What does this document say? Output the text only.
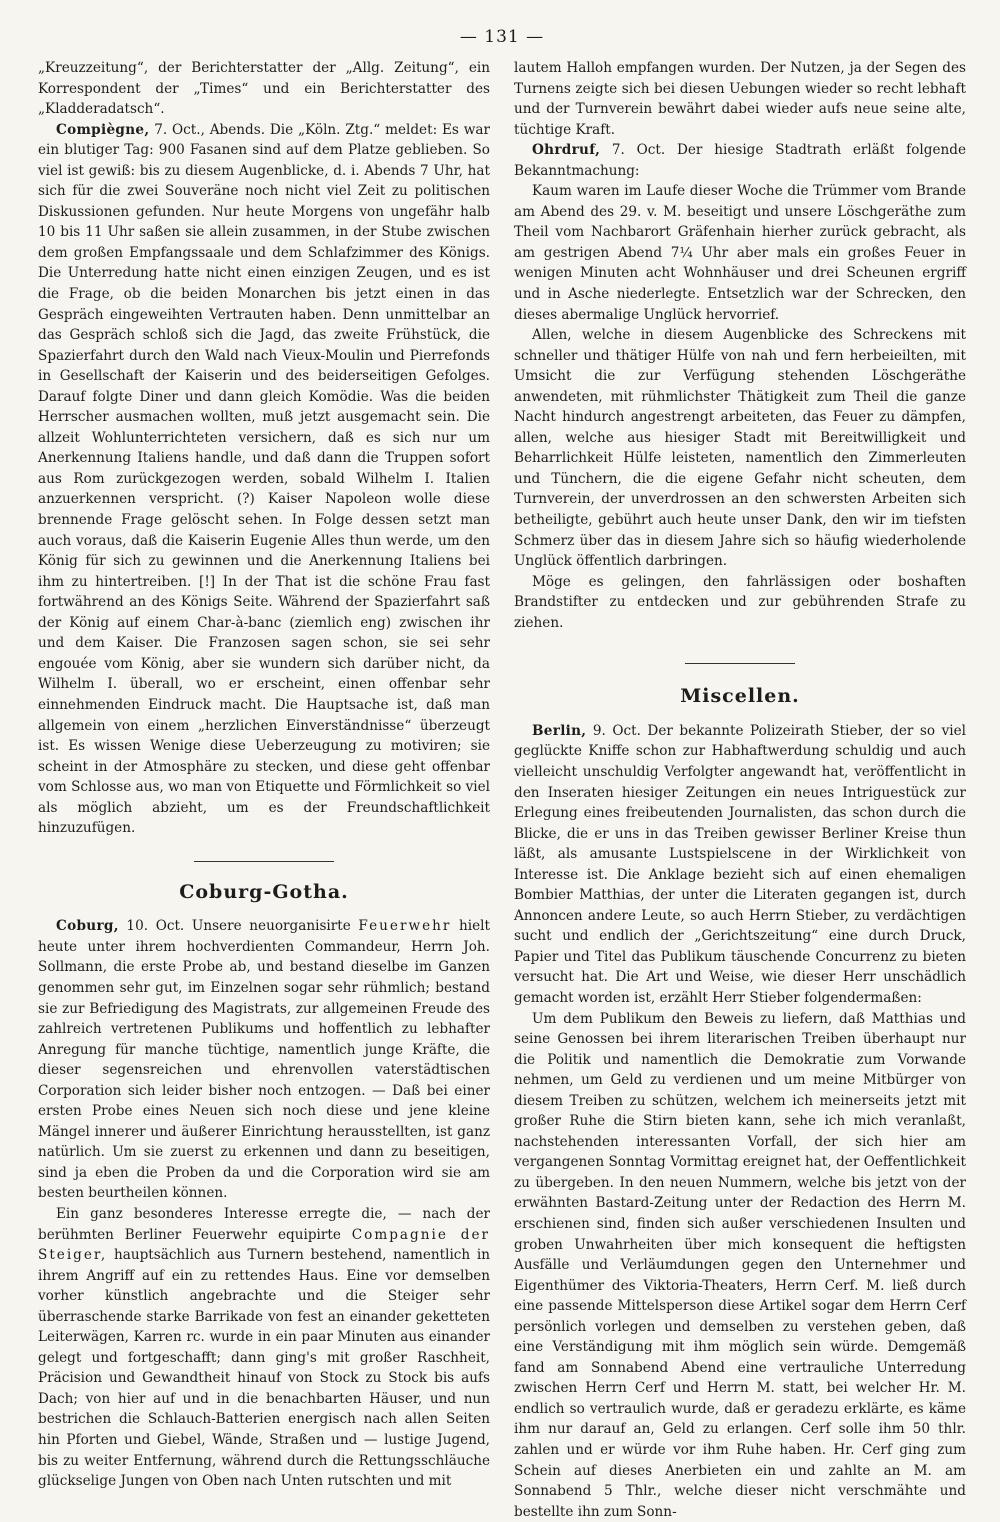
— 131 —

„Kreuzzeitung“, der Berichterstatter der „Allg. Zeitung“, ein Korrespondent der „Times“ und ein Berichterstatter des „Kladderadatsch“.

Compiègne, 7. Oct., Abends. Die „Köln. Ztg.“ meldet: Es war ein blutiger Tag: 900 Fasanen sind auf dem Platze geblieben. So viel ist gewiß: bis zu diesem Augenblicke, d. i. Abends 7 Uhr, hat sich für die zwei Souveräne noch nicht viel Zeit zu politischen Diskussionen gefunden. Nur heute Morgens von ungefähr halb 10 bis 11 Uhr saßen sie allein zusammen, in der Stube zwischen dem großen Empfangssaale und dem Schlafzimmer des Königs. Die Unterredung hatte nicht einen einzigen Zeugen, und es ist die Frage, ob die beiden Monarchen bis jetzt einen in das Gespräch eingeweihten Vertrauten haben. Denn unmittelbar an das Gespräch schloß sich die Jagd, das zweite Frühstück, die Spazierfahrt durch den Wald nach Vieux-Moulin und Pierrefonds in Gesellschaft der Kaiserin und des beiderseitigen Gefolges. Darauf folgte Diner und dann gleich Komödie. Was die beiden Herrscher ausmachen wollten, muß jetzt ausgemacht sein. Die allzeit Wohlunterrichteten versichern, daß es sich nur um Anerkennung Italiens handle, und daß dann die Truppen sofort aus Rom zurückgezogen werden, sobald Wilhelm I. Italien anzuerkennen verspricht. (?) Kaiser Napoleon wolle diese brennende Frage gelöscht sehen. In Folge dessen setzt man auch voraus, daß die Kaiserin Eugenie Alles thun werde, um den König für sich zu gewinnen und die Anerkennung Italiens bei ihm zu hintertreiben. [!] In der That ist die schöne Frau fast fortwährend an des Königs Seite. Während der Spazierfahrt saß der König auf einem Char-à-banc (ziemlich eng) zwischen ihr und dem Kaiser. Die Franzosen sagen schon, sie sei sehr engouée vom König, aber sie wundern sich darüber nicht, da Wilhelm I. überall, wo er erscheint, einen offenbar sehr einnehmenden Eindruck macht. Die Hauptsache ist, daß man allgemein von einem „herzlichen Einverständnisse“ überzeugt ist. Es wissen Wenige diese Ueberzeugung zu motiviren; sie scheint in der Atmosphäre zu stecken, und diese geht offenbar vom Schlosse aus, wo man von Etiquette und Förmlichkeit so viel als möglich abzieht, um es der Freundschaftlichkeit hinzuzufügen.

Coburg-Gotha.

Coburg, 10. Oct. Unsere neuorganisirte Feuerwehr hielt heute unter ihrem hochverdienten Commandeur, Herrn Joh. Sollmann, die erste Probe ab, und bestand dieselbe im Ganzen genommen sehr gut, im Einzelnen sogar sehr rühmlich; bestand sie zur Befriedigung des Magistrats, zur allgemeinen Freude des zahlreich vertretenen Publikums und hoffentlich zu lebhafter Anregung für manche tüchtige, namentlich junge Kräfte, die dieser segensreichen und ehrenvollen vaterstädtischen Corporation sich leider bisher noch entzogen. — Daß bei einer ersten Probe eines Neuen sich noch diese und jene kleine Mängel innerer und äußerer Einrichtung herausstellten, ist ganz natürlich. Um sie zuerst zu erkennen und dann zu beseitigen, sind ja eben die Proben da und die Corporation wird sie am besten beurtheilen können.

Ein ganz besonderes Interesse erregte die, — nach der berühmten Berliner Feuerwehr equipirte Compagnie der Steiger, hauptsächlich aus Turnern bestehend, namentlich in ihrem Angriff auf ein zu rettendes Haus. Eine vor demselben vorher künstlich angebrachte und die Steiger sehr überraschende starke Barrikade von fest an einander geketteten Leiterwägen, Karren rc. wurde in ein paar Minuten aus einander gelegt und fortgeschafft; dann ging's mit großer Raschheit, Präcision und Gewandtheit hinauf von Stock zu Stock bis aufs Dach; von hier auf und in die benachbarten Häuser, und nun bestrichen die Schlauch-Batterien energisch nach allen Seiten hin Pforten und Giebel, Wände, Straßen und — lustige Jugend, bis zu weiter Entfernung, während durch die Rettungsschläuche glückselige Jungen von Oben nach Unten rutschten und mit

lautem Halloh empfangen wurden. Der Nutzen, ja der Segen des Turnens zeigte sich bei diesen Uebungen wieder so recht lebhaft und der Turnverein bewährt dabei wieder aufs neue seine alte, tüchtige Kraft.

Ohrdruf, 7. Oct. Der hiesige Stadtrath erläßt folgende Bekanntmachung:

Kaum waren im Laufe dieser Woche die Trümmer vom Brande am Abend des 29. v. M. beseitigt und unsere Löschgeräthe zum Theil vom Nachbarort Gräfenhain hierher zurück gebracht, als am gestrigen Abend 7¼ Uhr aber mals ein großes Feuer in wenigen Minuten acht Wohnhäuser und drei Scheunen ergriff und in Asche niederlegte. Entsetzlich war der Schrecken, den dieses abermalige Unglück hervorrief.

Allen, welche in diesem Augenblicke des Schreckens mit schneller und thätiger Hülfe von nah und fern herbeieilten, mit Umsicht die zur Verfügung stehenden Löschgeräthe anwendeten, mit rühmlichster Thätigkeit zum Theil die ganze Nacht hindurch angestrengt arbeiteten, das Feuer zu dämpfen, allen, welche aus hiesiger Stadt mit Bereitwilligkeit und Beharrlichkeit Hülfe leisteten, namentlich den Zimmerleuten und Tünchern, die die eigene Gefahr nicht scheuten, dem Turnverein, der unverdrossen an den schwersten Arbeiten sich betheiligte, gebührt auch heute unser Dank, den wir im tiefsten Schmerz über das in diesem Jahre sich so häufig wiederholende Unglück öffentlich darbringen.

Möge es gelingen, den fahrlässigen oder boshaften Brandstifter zu entdecken und zur gebührenden Strafe zu ziehen.

Miscellen.

Berlin, 9. Oct. Der bekannte Polizeirath Stieber, der so viel geglückte Kniffe schon zur Habhaftwerdung schuldig und auch vielleicht unschuldig Verfolgter angewandt hat, veröffentlicht in den Inseraten hiesiger Zeitungen ein neues Intriguestück zur Erlegung eines freibeutenden Journalisten, das schon durch die Blicke, die er uns in das Treiben gewisser Berliner Kreise thun läßt, als amusante Lustspielscene in der Wirklichkeit von Interesse ist. Die Anklage bezieht sich auf einen ehemaligen Bombier Matthias, der unter die Literaten gegangen ist, durch Annoncen andere Leute, so auch Herrn Stieber, zu verdächtigen sucht und endlich der „Gerichtszeitung“ eine durch Druck, Papier und Titel das Publikum täuschende Concurrenz zu bieten versucht hat. Die Art und Weise, wie dieser Herr unschädlich gemacht worden ist, erzählt Herr Stieber folgendermaßen:

Um dem Publikum den Beweis zu liefern, daß Matthias und seine Genossen bei ihrem literarischen Treiben überhaupt nur die Politik und namentlich die Demokratie zum Vorwande nehmen, um Geld zu verdienen und um meine Mitbürger von diesem Treiben zu schützen, welchem ich meinerseits jetzt mit großer Ruhe die Stirn bieten kann, sehe ich mich veranlaßt, nachstehenden interessanten Vorfall, der sich hier am vergangenen Sonntag Vormittag ereignet hat, der Oeffentlichkeit zu übergeben. In den neuen Nummern, welche bis jetzt von der erwähnten Bastard-Zeitung unter der Redaction des Herrn M. erschienen sind, finden sich außer verschiedenen Insulten und groben Unwahrheiten über mich konsequent die heftigsten Ausfälle und Verläumdungen gegen den Unternehmer und Eigenthümer des Viktoria-Theaters, Herrn Cerf. M. ließ durch eine passende Mittelsperson diese Artikel sogar dem Herrn Cerf persönlich vorlegen und demselben zu verstehen geben, daß eine Verständigung mit ihm möglich sein würde. Demgemäß fand am Sonnabend Abend eine vertrauliche Unterredung zwischen Herrn Cerf und Herrn M. statt, bei welcher Hr. M. endlich so vertraulich wurde, daß er geradezu erklärte, es käme ihm nur darauf an, Geld zu erlangen. Cerf solle ihm 50 thlr. zahlen und er würde vor ihm Ruhe haben. Hr. Cerf ging zum Schein auf dieses Anerbieten ein und zahlte an M. am Sonnabend 5 Thlr., welche dieser nicht verschmähte und bestellte ihn zum Sonn-
